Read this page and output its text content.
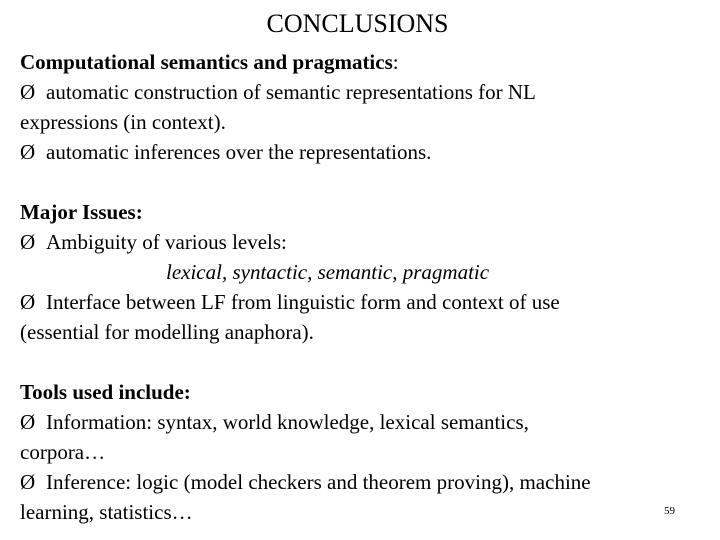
CONCLUSIONS
Computational semantics and pragmatics:
Ø automatic construction of semantic representations for NL
expressions (in context).
Ø automatic inferences over the representations.
Major Issues:
Ø Ambiguity of various levels:
lexical, syntactic, semantic, pragmatic
Ø Interface between LF from linguistic form and context of use
(essential for modelling anaphora).
Tools used include:
Ø Information: syntax, world knowledge, lexical semantics,
corpora…
Ø Inference: logic (model checkers and theorem proving), machine
learning, statistics…	59
